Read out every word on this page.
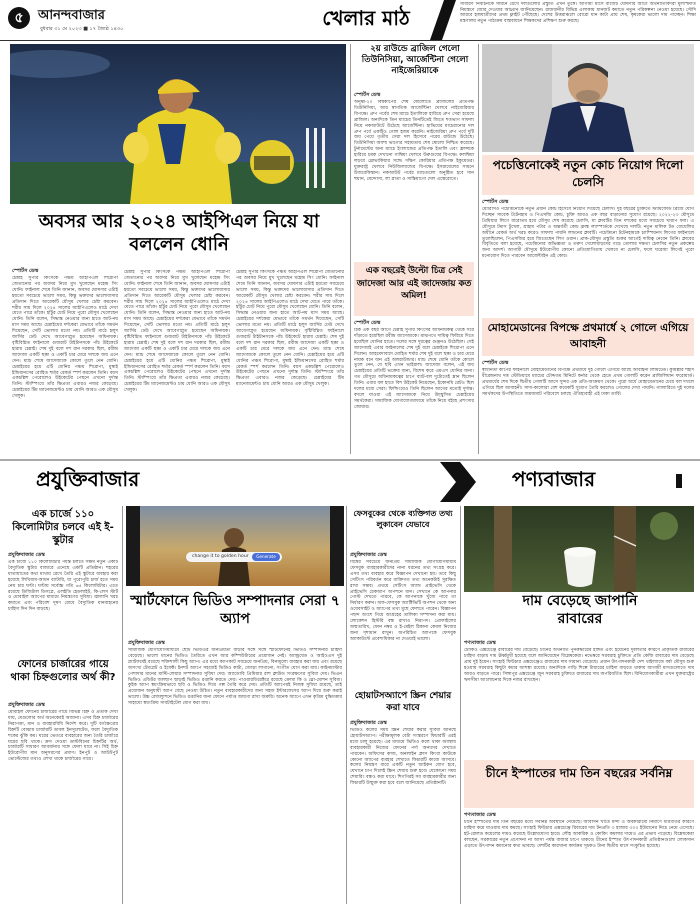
৫	আনন্দবাজার
বুধবার ৩১ মে ২০২৩ ■ ১৭ জ্যৈষ্ঠ ১৪৩০	খেলার মাঠ
সাধারণ নির্বাচনকে সামনে রেখে দলগুলোর প্রস্তুতি এখন তুঙ্গে। আগামী মাসে বাজেট ঘোষণার আগে অর্থনীতিবিদরা মূল্যস্ফীতি নিয়ন্ত্রণে জোর দেওয়ার আহ্বান জানিয়েছেন। রাজধানীর বিভিন্ন এলাকায় যানজট কমাতে নতুন পরিকল্পনা নেওয়া হয়েছে। সৌদি আরবে হজযাত্রীদের প্রথম ফ্লাইট পৌঁছেছে। দেশের উত্তরাঞ্চলে বোরো ধান কাটা প্রায় শেষ, কৃষকেরা ভালো দাম পাচ্ছেন। শিক্ষা মন্ত্রণালয় নতুন পাঠ্যক্রম বাস্তবায়নে শিক্ষকদের প্রশিক্ষণ শুরু করছে।
অবসর আর ২০২৪ আইপিএল নিয়ে যা বললেন ধোনি
স্পোর্টস ডেস্ক
চেন্নাই সুপার কিংসকে পঞ্চম আইপিএল শিরোপা জেতানোর পর অবসর নিয়ে মুখ খুলেছেন মহেন্দ্র সিং ধোনি। ফাইনাল শেষে তিনি জানান, অবসর ঘোষণার এটাই হয়তো সবচেয়ে ভালো সময়, কিন্তু ভক্তদের ভালোবাসার প্রতিদান দিতে আরেকটি মৌসুম খেলার চেষ্টা করবেন। শরীর সায় দিলে ২০২৪ সালের আইপিএলেও মাঠে দেখা যেতে পারে তাঁকে। হাঁটুর চোট নিয়ে পুরো মৌসুম খেলেছেন ধোনি। তিনি বলেন, সিদ্ধান্ত নেওয়ার জন্য হাতে আট-নয় মাস সময় আছে। চেন্নাইয়ের দর্শকেরা যেভাবে তাঁকে সমর্থন দিয়েছেন, সেটি ভোলার মতো নয়। প্রতিটি মাঠে হলুদ জার্সির ঢেউ দেখে আবেগাপ্লুত হয়েছেন অধিনায়ক। বৃষ্টিবিঘ্নিত ফাইনালে গুজরাট টাইটানসকে পাঁচ উইকেটে হারায় চেন্নাই। শেষ দুই বলে দশ রান দরকার ছিল, রবীন্দ্র জাদেজা একটি ছক্কা ও একটি চার মেরে দলকে জয় এনে দেন। ম্যাচ শেষে জাদেজাকে কোলে তুলে নেন ধোনি। চেন্নাইয়ের হয়ে এটি ধোনির পঞ্চম শিরোপা, মুম্বাই ইন্ডিয়ানসের রোহিত শর্মার রেকর্ড স্পর্শ করলেন তিনি। বয়স একচল্লিশ পেরোলেও উইকেটের পেছনে এখনো দুর্দান্ত তিনি। স্টাম্পিংয়ে তাঁর ক্ষিপ্রতা এবারও নজর কেড়েছে। চেন্নাইয়ের টিম ম্যানেজমেন্টও চায় ধোনি আরও এক মৌসুম খেলুক।
চেন্নাই সুপার কিংসকে পঞ্চম আইপিএল শিরোপা জেতানোর পর অবসর নিয়ে মুখ খুলেছেন মহেন্দ্র সিং ধোনি। ফাইনাল শেষে তিনি জানান, অবসর ঘোষণার এটাই হয়তো সবচেয়ে ভালো সময়, কিন্তু ভক্তদের ভালোবাসার প্রতিদান দিতে আরেকটি মৌসুম খেলার চেষ্টা করবেন। শরীর সায় দিলে ২০২৪ সালের আইপিএলেও মাঠে দেখা যেতে পারে তাঁকে। হাঁটুর চোট নিয়ে পুরো মৌসুম খেলেছেন ধোনি। তিনি বলেন, সিদ্ধান্ত নেওয়ার জন্য হাতে আট-নয় মাস সময় আছে। চেন্নাইয়ের দর্শকেরা যেভাবে তাঁকে সমর্থন দিয়েছেন, সেটি ভোলার মতো নয়। প্রতিটি মাঠে হলুদ জার্সির ঢেউ দেখে আবেগাপ্লুত হয়েছেন অধিনায়ক। বৃষ্টিবিঘ্নিত ফাইনালে গুজরাট টাইটানসকে পাঁচ উইকেটে হারায় চেন্নাই। শেষ দুই বলে দশ রান দরকার ছিল, রবীন্দ্র জাদেজা একটি ছক্কা ও একটি চার মেরে দলকে জয় এনে দেন। ম্যাচ শেষে জাদেজাকে কোলে তুলে নেন ধোনি। চেন্নাইয়ের হয়ে এটি ধোনির পঞ্চম শিরোপা, মুম্বাই ইন্ডিয়ানসের রোহিত শর্মার রেকর্ড স্পর্শ করলেন তিনি। বয়স একচল্লিশ পেরোলেও উইকেটের পেছনে এখনো দুর্দান্ত তিনি। স্টাম্পিংয়ে তাঁর ক্ষিপ্রতা এবারও নজর কেড়েছে। চেন্নাইয়ের টিম ম্যানেজমেন্টও চায় ধোনি আরও এক মৌসুম খেলুক।
চেন্নাই সুপার কিংসকে পঞ্চম আইপিএল শিরোপা জেতানোর পর অবসর নিয়ে মুখ খুলেছেন মহেন্দ্র সিং ধোনি। ফাইনাল শেষে তিনি জানান, অবসর ঘোষণার এটাই হয়তো সবচেয়ে ভালো সময়, কিন্তু ভক্তদের ভালোবাসার প্রতিদান দিতে আরেকটি মৌসুম খেলার চেষ্টা করবেন। শরীর সায় দিলে ২০২৪ সালের আইপিএলেও মাঠে দেখা যেতে পারে তাঁকে। হাঁটুর চোট নিয়ে পুরো মৌসুম খেলেছেন ধোনি। তিনি বলেন, সিদ্ধান্ত নেওয়ার জন্য হাতে আট-নয় মাস সময় আছে। চেন্নাইয়ের দর্শকেরা যেভাবে তাঁকে সমর্থন দিয়েছেন, সেটি ভোলার মতো নয়। প্রতিটি মাঠে হলুদ জার্সির ঢেউ দেখে আবেগাপ্লুত হয়েছেন অধিনায়ক। বৃষ্টিবিঘ্নিত ফাইনালে গুজরাট টাইটানসকে পাঁচ উইকেটে হারায় চেন্নাই। শেষ দুই বলে দশ রান দরকার ছিল, রবীন্দ্র জাদেজা একটি ছক্কা ও একটি চার মেরে দলকে জয় এনে দেন। ম্যাচ শেষে জাদেজাকে কোলে তুলে নেন ধোনি। চেন্নাইয়ের হয়ে এটি ধোনির পঞ্চম শিরোপা, মুম্বাই ইন্ডিয়ানসের রোহিত শর্মার রেকর্ড স্পর্শ করলেন তিনি। বয়স একচল্লিশ পেরোলেও উইকেটের পেছনে এখনো দুর্দান্ত তিনি। স্টাম্পিংয়ে তাঁর ক্ষিপ্রতা এবারও নজর কেড়েছে। চেন্নাইয়ের টিম ম্যানেজমেন্টও চায় ধোনি আরও এক মৌসুম খেলুক।
২য় রাউন্ডে ব্রাজিল গেলো তিউনিসিয়া, আর্জেন্টিনা গেলো নাইজেরিয়াকে
স্পোর্টস ডেস্ক
অনূর্ধ্ব-২০ বিশ্বকাপের শেষ ষোলোতে ব্রাজিলের প্রতিপক্ষ তিউনিসিয়া, আর স্বাগতিক আর্জেন্টিনা খেলবে নাইজেরিয়ার বিপক্ষে। গ্রুপ পর্বের শেষ ম্যাচে ইতালিকে হারিয়ে গ্রুপ সেরা হয়েছে ব্রাজিল। অন্যদিকে তিন ম্যাচের তিনটিতেই জিতে শতভাগ সাফল্য নিয়ে নকআউটে উঠেছে আর্জেন্টিনা। হাভিয়ের মাচেরানোর দল গ্রুপ পর্বে একটিও গোল হজম করেনি। নাইজেরিয়া গ্রুপ পর্বে দুটি জয় পেয়ে তৃতীয় সেরা দল হিসেবে পরের রাউন্ডে উঠেছে। তিউনিসিয়া অবশ্য ভাগ্যের সহায়তায় শেষ ষোলো নিশ্চিত করেছে। টুর্নামেন্টের অন্য ম্যাচে ইংল্যান্ডের প্রতিপক্ষ ইতালি এবং ফ্রান্সকে হারিয়ে চমক দেখানো গাম্বিয়া খেলবে উরুগুয়ের বিপক্ষে। কলম্বিয়া লড়বে স্লোভাকিয়ার সঙ্গে। দক্ষিণ কোরিয়ার প্রতিপক্ষ ইকুয়েডর। যুক্তরাষ্ট্র খেলবে নিউজিল্যান্ডের বিপক্ষে। ইসরায়েলের সামনে উজবেকিস্তান। নকআউট পর্বের ম্যাচগুলো অনুষ্ঠিত হবে সান হুয়ান, মেন্দোসা, লা প্লাতা ও সান্তিয়াগো দেল এস্তেরোতে।
এক বছরেই উল্টো চিত্র সেই জাদেজা আর এই জাদেজায় কত অমিল!
স্পোর্টস ডেস্ক
ঠিক এক বছর আগে চেন্নাই সুপার কিংসের অধিনায়কত্ব থেকে সরে দাঁড়াতে হয়েছিল রবীন্দ্র জাদেজাকে। মাঝপথে দায়িত্ব ফিরিয়ে দিতে হয়েছিল ধোনির হাতে। দলের সঙ্গে দূরত্বের গুঞ্জনও উঠেছিল। সেই জাদেজাই এবার ফাইনালের শেষ দুই বলে চেন্নাইকে শিরোপা এনে দিলেন। আহমেদাবাদে মোহিত শর্মার শেষ দুই বলে ছক্কা ও চার মেরে নায়ক বনে যান এই অলরাউন্ডার। ম্যাচ শেষে ধোনি তাঁকে কোলে তুলে নেন, যে ছবি এখন ভাইরাল। জাদেজা বলেন, এই জয় চেন্নাইয়ের প্রতিটি ভক্তের জন্য, বিশেষ করে এমএস ধোনির জন্য। গত মৌসুমে অধিনায়কত্বের চাপে ব্যাট-বল দুটোতেই ম্লান ছিলেন তিনি। এবার বল হাতে বিশ উইকেট নিয়েছেন, ইকোনমি রেটও ছিল দলের মধ্যে সেরা। ফিল্ডিংয়েও তিনি ছিলেন আগের মতোই দুর্দান্ত। বদলে যাওয়া এই জাদেজাকে নিয়ে উচ্ছ্বসিত চেন্নাইয়ের সমর্থকেরা। সামাজিক যোগাযোগমাধ্যমে তাঁকে নিয়ে বইছে প্রশংসার জোয়ার।
পচেত্তিনোকেই নতুন কোচ নিয়োগ দিলো চেলসি
স্পোর্টস ডেস্ক
মৌরিসিও পচেত্তিনোকে নতুন প্রধান কোচ হিসেবে নিয়োগ দিয়েছে চেলসি। দুই বছরের চুক্তিতে স্ট্যামফোর্ড ব্রিজে যোগ দিচ্ছেন সাবেক টটেনহাম ও পিএসজি কোচ, চুক্তি আরও এক বছর বাড়ানোর সুযোগ রয়েছে। ২০২২-২৩ মৌসুমে প্রিমিয়ার লিগে বারোতম হয়ে মৌসুম শেষ করেছে চেলসি, যা ক্লাবটির তিন দশকের মধ্যে সবচেয়ে খারাপ ফল। এ মৌসুমে টমাস টুখেল, গ্রাহাম পটার ও অন্তর্বর্তী কোচ ফ্রাঙ্ক ল্যাম্পার্ডকে দেখেছে দলটি। নতুন মালিক টড বোয়েলির অধীনে রেকর্ড অর্থ খরচ করেও সাফল্য পায়নি লন্ডনের ক্লাবটি। পচেত্তিনো টটেনহামকে চ্যাম্পিয়নস লিগের ফাইনালে তুলেছিলেন, পিএসজির হয়ে জিতেছেন লিগ ওয়ান। প্রাক-মৌসুম প্রস্তুতি শুরুর আগেই দায়িত্ব নেবেন তিনি। ক্লাবের বিবৃতিতে বলা হয়েছে, পচেত্তিনোর অভিজ্ঞতা ও তরুণ খেলোয়াড়দের গড়ে তোলার দক্ষতা চেলসির নতুন প্রকল্পের জন্য আদর্শ। আগামী মৌসুমে ইউরোপীয় কোনো প্রতিযোগিতায় খেলবে না চেলসি, ফলে ঘরোয়া লিগেই পুরো মনোযোগ দিতে পারবেন আর্জেন্টাইন এই কোচ।
মোহামেডানের বিপক্ষে প্রথমার্ধে ২ গোলে এগিয়ে আবাহনী
স্পোর্টস ডেস্ক
স্বাধীনতা কাপের ফাইনালে মোহামেডানের বিপক্ষে প্রথমার্ধে দুই গোলে এগিয়ে আছে আবাহনী লিমিটেড। কুমিল্লার শহীদ ধীরেন্দ্রনাথ দত্ত স্টেডিয়ামে ম্যাচের চৌদ্দতম মিনিটে কর্নার থেকে হেডে প্রথম গোলটি করেন ব্রাজিলিয়ান ফরোয়ার্ড। প্রথমার্ধের শেষ দিকে দ্বিতীয় গোলটি আসে সুন্দর এক প্রতি-আক্রমণ থেকে। পুরো অর্ধে মোহামেডানের চেয়ে বল দখলে এগিয়ে ছিল আবাহনী। সাদা-কালোরা বেশ কয়েকটি সুযোগ তৈরি করলেও গোলের দেখা পায়নি। গ্যালারিতে দুই দলের সমর্থকদের উপস্থিতিতে জমজমাট পরিবেশে চলছে ঐতিহ্যবাহী এই ঢাকা ডার্বি।
প্রযুক্তিবাজার	পণ্যবাজার
এক চার্জে ১১০ কিলোমিটার চলবে এই ই-স্কুটার
প্রযুক্তিবাজার ডেস্ক
এক চার্জে ১১০ কিলোমিটার পর্যন্ত চলতে সক্ষম নতুন একটি বৈদ্যুতিক স্কুটার বাজারে এনেছে একটি প্রতিষ্ঠান। শহরের যাতায়াতের কথা মাথায় রেখে তৈরি এই স্কুটারে ব্যবহার করা হয়েছে লিথিয়াম-আয়ন ব্যাটারি, যা পুরোপুরি চার্জ হতে সময় নেয় চার ঘণ্টা। ঘণ্টায় সর্বোচ্চ গতি ৬৫ কিলোমিটার। এতে রয়েছে ডিজিটাল ডিসপ্লে, এলইডি হেডলাইট, কি-লেস স্টার্ট ও মোবাইল অ্যাপের মাধ্যমে নিয়ন্ত্রণের সুবিধা। জ্বালানি খরচ কমাতে এবং পরিবেশ দূষণ রোধে বৈদ্যুতিক যানবাহনের চাহিদা দিন দিন বাড়ছে।
ফোনের চার্জারের গায়ে থাকা চিহ্নগুলোর অর্থ কী?
প্রযুক্তিবাজার ডেস্ক
মোবাইল ফোনের চার্জারের গায়ে বিভিন্ন চিহ্ন ও প্রতীক দেখা যায়, যেগুলোর অর্থ অনেকেরই অজানা। এসব চিহ্ন চার্জারের নিরাপত্তা, মান ও ব্যবহারবিধি নির্দেশ করে। দুটি বর্গক্ষেত্রের চিহ্নটি বোঝায় চার্জারটি ডাবল ইনসুলেটেড, ফলে বৈদ্যুতিক শকের ঝুঁকি কম। ঘরের ভেতরে ব্যবহারের জন্য তৈরি চার্জারে ঘরের ছবি থাকে। ক্রস দেওয়া ডাস্টবিনের চিহ্নটির অর্থ, চার্জারটি সাধারণ আবর্জনার সঙ্গে ফেলা যাবে না। সিই চিহ্ন ইউরোপীয় মান অনুসরণের প্রমাণ। ইনপুট ও আউটপুট ভোল্টেজের তথ্যও লেখা থাকে চার্জারের গায়ে।
change it to golden hour	Generate
স্মার্টফোনে ভিডিও সম্পাদনার সেরা ৭ অ্যাপ
প্রযুক্তিবাজার ডেস্ক
সামাজিক যোগাযোগমাধ্যমে ছোট ভিডিওর জনপ্রিয়তা বাড়ার সঙ্গে সঙ্গে স্মার্টফোনেই ভিডিও সম্পাদনার চাহিদা বেড়েছে। ভালো মানের ভিডিও তৈরিতে এখন আর কম্পিউটারের প্রয়োজন নেই। অ্যান্ড্রয়েড ও আইওএস দুই প্ল্যাটফর্মেই রয়েছে শক্তিশালী কিছু অ্যাপ। এর মধ্যে ক্যাপকাট সবচেয়ে জনপ্রিয়, বিনামূল্যে ব্যবহার করা যায় এবং রয়েছে অসংখ্য টেমপ্লেট ও ইফেক্ট। ইনশট অ্যাপে সহজেই ভিডিও কাটা, জোড়া লাগানো, সংগীত যোগ করা যায়। কাইনমাস্টার পেশাদার মানের মাল্টি-লেয়ার সম্পাদনার সুবিধা দেয়। অ্যাডোবি প্রিমিয়ার রাশ ক্লাউড সংরক্ষণের সুবিধা দেয়। ভিএন ভিডিও এডিটর জলছাপ ছাড়াই ভিডিও রপ্তানি করতে দেয়। পাওয়ারডিরেক্টরে রয়েছে ক্রোমা কি ও স্লো-মোশন সুবিধা। কুইক অ্যাপ স্বয়ংক্রিয়ভাবে ছবি ও ভিডিও দিয়ে গল্প তৈরি করে দেয়। প্রতিটি অ্যাপেরই নিজস্ব সুবিধা রয়েছে, তাই প্রয়োজন অনুযায়ী অ্যাপ বেছে নেওয়া উচিত। নতুন ব্যবহারকারীদের জন্য সহজ ইন্টারফেসের অ্যাপ দিয়ে শুরু করাই ভালো। উচ্চ রেজল্যুশনে ভিডিও রপ্তানির জন্য ফোনে পর্যাপ্ত জায়গা রাখা জরুরি। অনেক অ্যাপে এখন কৃত্রিম বুদ্ধিমত্তার সাহায্যে স্বয়ংক্রিয় সাবটাইটেল যোগ করা যায়।
ফেসবুকের থেকে ব্যক্তিগত তথ্য লুকাবেন যেভাবে
প্রযুক্তিবাজার ডেস্ক
বিশ্বের সবচেয়ে জনপ্রিয় সামাজিক যোগাযোগমাধ্যম ফেসবুক ব্যবহারকারীদের নানা ধরনের তথ্য সংগ্রহ করে। এসব তথ্য ব্যবহার করে বিজ্ঞাপন দেখানো হয়। তবে কিছু সেটিংস পরিবর্তন করে ব্যক্তিগত তথ্য অনেকটাই সুরক্ষিত রাখা সম্ভব। প্রথমে সেটিংস অ্যান্ড প্রাইভেসি থেকে প্রাইভেসি চেকআপ অপশনে যান। সেখানে কে আপনার পোস্ট দেখতে পারবে, কে আপনাকে খুঁজে পাবে তা নির্ধারণ করুন। অফ-ফেসবুক অ্যাক্টিভিটি অপশন থেকে অন্য ওয়েবসাইট ও অ্যাপের তথ্য মুছে ফেলতে পারেন। বিজ্ঞাপন পছন্দ অংশে গিয়ে আগ্রহের তালিকা সম্পাদনা করা যায়। লোকেশন হিস্টরি বন্ধ রাখাও নিরাপদ। প্রোফাইলের জন্মতারিখ, ফোন নম্বর ও ই-মেইল ঠিকানা কেবল নিজের জন্য দৃশ্যমান রাখুন। অপরিচিত অ্যাপকে ফেসবুক অ্যাকাউন্টে প্রবেশাধিকার না দেওয়াই ভালো।
হোয়াটসঅ্যাপে স্ক্রিন শেয়ার করা যাবে
প্রযুক্তিবাজার ডেস্ক
ভিডিও কলের সময় স্ক্রিন শেয়ার করার সুবিধা আনছে হোয়াটসঅ্যাপ। পরীক্ষামূলক বেটা সংস্করণে ফিচারটি এরই মধ্যে চালু হয়েছে। এর মাধ্যমে ভিডিও কলে থাকা অবস্থায় ব্যবহারকারী নিজের ফোনের পর্দা অন্যদের দেখাতে পারবেন। অফিসের কাজ, অনলাইন ক্লাস কিংবা কাউকে কোনো অ্যাপের ব্যবহার শেখাতে ফিচারটি কাজে আসবে। কলের নিয়ন্ত্রণ বারে একটি নতুন আইকন যোগ হবে, যেখানে চাপ দিলেই স্ক্রিন শেয়ার শুরু হবে। যেকোনো সময় শেয়ারিং বন্ধও করা যাবে। শিগগিরই সব ব্যবহারকারীর জন্য ফিচারটি উন্মুক্ত করা হবে বলে জানিয়েছে প্রতিষ্ঠানটি।
দাম বেড়েছে জাপানি রাবারের
পণ্যবাজার ডেস্ক
টোকিও এক্সচেঞ্জে রাবারের দাম বেড়েছে। চীনের অর্থনীতি পুনরুদ্ধারের ইঙ্গিত এবং ইয়েনের দুর্বলতার কারণে প্রাকৃতিক রাবারের চাহিদা বাড়ায় দাম ঊর্ধ্বমুখী হয়েছে বলে জানিয়েছেন বিশ্লেষকেরা। নভেম্বরে সরবরাহ চুক্তিতে প্রতি কেজি রাবারের দাম বেড়েছে প্রায় দুই ইয়েন। সাংহাই ফিউচার এক্সচেঞ্জেও রাবারের দাম সামান্য বেড়েছে। প্রধান উৎপাদনকারী দেশ থাইল্যান্ডে বর্ষা মৌসুম শুরু হওয়ায় সরবরাহ কিছুটা কমার আশঙ্কা রয়েছে। অন্যদিকে গাড়ি শিল্পে টায়ারের চাহিদা বাড়তে থাকায় আগামী মাসগুলোতে দাম আরও বাড়তে পারে। সিঙ্গাপুর এক্সচেঞ্জে জুন সরবরাহ চুক্তিতে রাবারের দাম অপরিবর্তিত ছিল। বিনিয়োগকারীরা এখন যুক্তরাষ্ট্রের ঋণসীমা আলোচনার দিকে নজর রাখছেন।
চীনে ইস্পাতের দাম তিন বছরের সর্বনিম্ন
পণ্যবাজার ডেস্ক
চীনে ইস্পাতের দাম তিন বছরের মধ্যে সর্বনিম্ন অবস্থানে নেমেছে। আবাসন খাতে মন্দা ও অবকাঠামো নির্মাণে ধীরগতির কারণে চাহিদা কমে যাওয়ায় দাম কমছে। সাংহাই ফিউচার এক্সচেঞ্জে রিবারের দাম টনপ্রতি ৩ হাজার ৩০০ ইউয়ানের নিচে নেমে এসেছে। হট-রোলড কয়েলের দামও কমেছে উল্লেখযোগ্য হারে। লৌহ আকরিক ও কোকিং কয়লার দামেও এর প্রভাব পড়েছে। বিশ্লেষকেরা বলছেন, সরকারের নতুন প্রণোদনা না আসা পর্যন্ত বাজার চাপে থাকবে। চীনের ইস্পাত উৎপাদনকারী প্রতিষ্ঠানগুলো লোকসান এড়াতে উৎপাদন কমানোর কথা ভাবছে। দেশটির কারখানা কার্যক্রম সূচকও টানা দ্বিতীয় মাসে সংকুচিত হয়েছে।
